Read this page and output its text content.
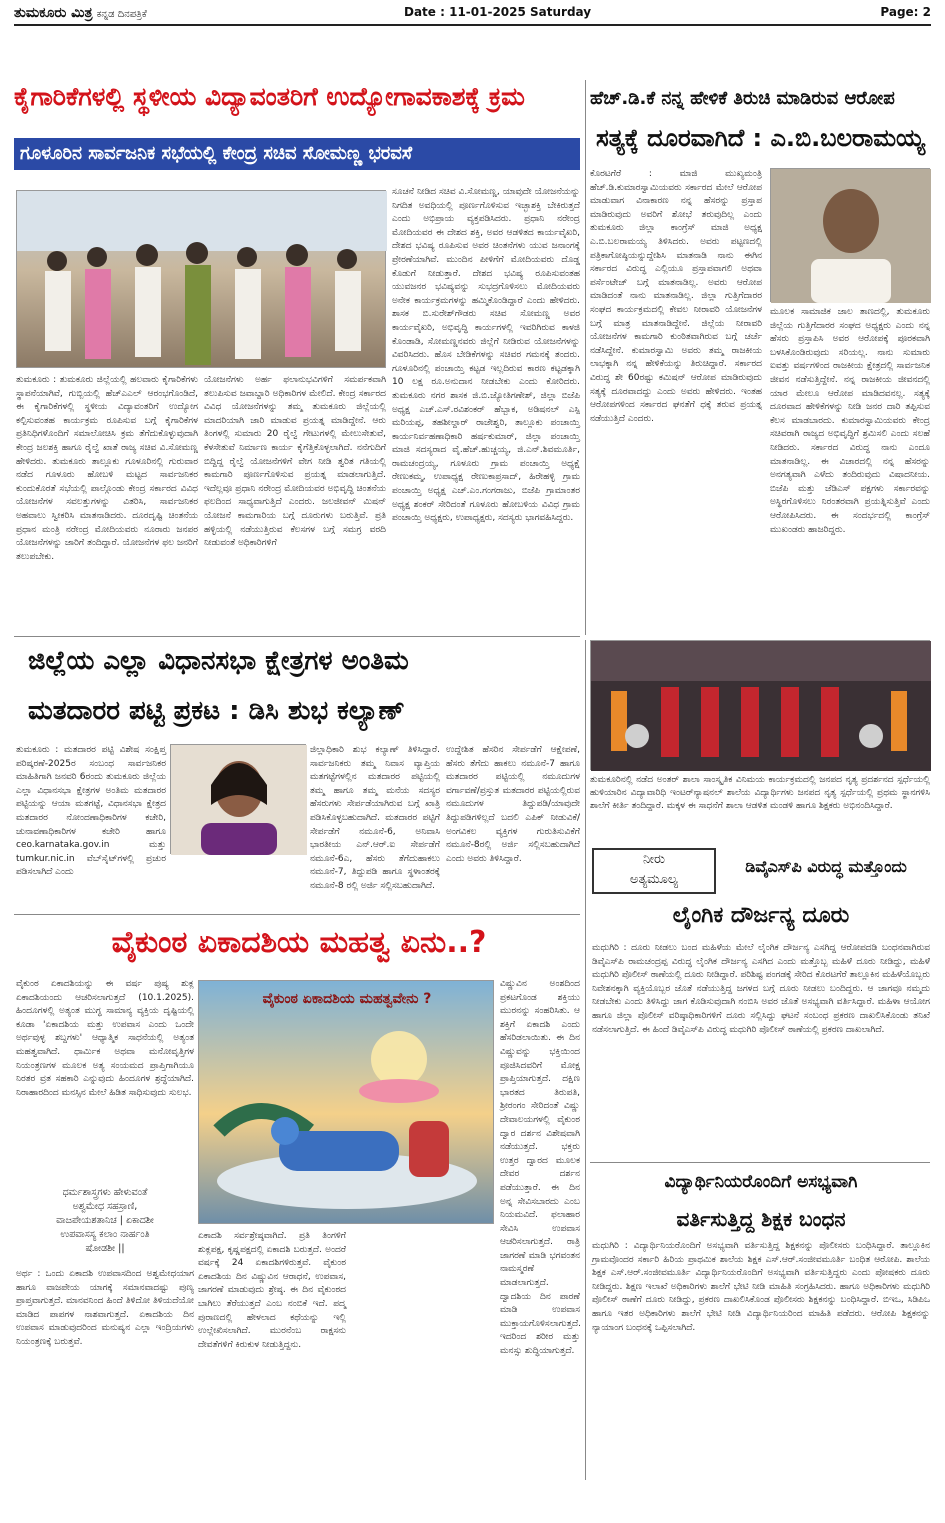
ತುಮಕೂರು ಮಿತ್ರ ಕನ್ನಡ ದಿನಪತ್ರಿಕೆ	Date : 11-01-2025 Saturday	Page: 2
ಕೈಗಾರಿಕೆಗಳಲ್ಲಿ ಸ್ಥಳೀಯ ವಿದ್ಯಾವಂತರಿಗೆ ಉದ್ಯೋಗಾವಕಾಶಕ್ಕೆ ಕ್ರಮ
ಗೂಳೂರಿನ ಸಾರ್ವಜನಿಕ ಸಭೆಯಲ್ಲಿ ಕೇಂದ್ರ ಸಚಿವ ಸೋಮಣ್ಣ ಭರವಸೆ
ಸೂಚನೆ ನೀಡಿದ ಸಚಿವ ವಿ.ಸೋಮಣ್ಣ, ಯಾವುದೇ ಯೋಜನೆಯನ್ನು ನಿಗದಿತ ಅವಧಿಯಲ್ಲಿ ಪೂರ್ಣಗೊಳಿಸುವ ಇಚ್ಛಾಶಕ್ತಿ ಬೇಕಿರುತ್ತದೆ ಎಂದು ಅಭಿಪ್ರಾಯ ವ್ಯಕ್ತಪಡಿಸಿದರು. ಪ್ರಧಾನಿ ನರೇಂದ್ರ ಮೋದಿಯವರ ಈ ದೇಶದ ಶಕ್ತಿ, ಅವರ ಆಡಳಿತದ ಕಾರ್ಯವೈಖರಿ, ದೇಶದ ಭವಿಷ್ಯ ರೂಪಿಸುವ ಅವರ ಚಿಂತನೆಗಳು ಯುವ ಜನಾಂಗಕ್ಕೆ ಪ್ರೇರಣೆಯಾಗಿವೆ. ಮುಂದಿನ ಪೀಳಿಗೆಗೆ ಮೋದಿಯವರು ದೊಡ್ಡ ಕೊಡುಗೆ ನೀಡುತ್ತಾರೆ. ದೇಶದ ಭವಿಷ್ಯ ರೂಪಿಸುವಂತಹ ಯುವಜನರ ಭವಿಷ್ಯವನ್ನು ಸುಭದ್ರಗೊಳಿಸಲು ಮೋದಿಯವರು ಅನೇಕ ಕಾರ್ಯಕ್ರಮಗಳನ್ನು ಹಮ್ಮಿಕೊಂಡಿದ್ದಾರೆ ಎಂದು ಹೇಳಿದರು. ಶಾಸಕ ಬಿ.ಸುರೇಶ್‌ಗೌಡರು ಸಚಿವ ಸೋಮಣ್ಣ ಅವರ ಕಾರ್ಯವೈಖರಿ, ಅಭಿವೃದ್ಧಿ ಕಾರ್ಯಗಳಲ್ಲಿ ಇವರಿಗಿರುವ ಕಾಳಜಿ ಕೊಂಡಾಡಿ, ಸೋಮಣ್ಣನವರು ಜಿಲ್ಲೆಗೆ ನೀಡಿರುವ ಯೋಜನೆಗಳನ್ನು ವಿವರಿಸಿದರು. ಹೊಸ ಬೇಡಿಕೆಗಳನ್ನು ಸಚಿವರ ಗಮನಕ್ಕೆ ತಂದರು. ಗೂಳೂರಿನಲ್ಲಿ ಪಂಚಾಯ್ತಿ ಕಟ್ಟಡ ಇಲ್ಲದಿರುವ ಕಾರಣ ಕಟ್ಟಡಕ್ಕಾಗಿ 10 ಲಕ್ಷ ರೂ.ಅನುದಾನ ನೀಡಬೇಕು ಎಂದು ಕೋರಿದರು. ತುಮಕೂರು ನಗರ ಶಾಸಕ ಜಿ.ಬಿ.ಜ್ಯೋತಿಗಣೇಶ್, ಜಿಲ್ಲಾ ಬಿಜೆಪಿ ಅಧ್ಯಕ್ಷ ಎಚ್.ಎಸ್.ರವಿಶಂಕರ್ ಹೆಬ್ಬಾಕ, ಅಡಿಷನಲ್ ಎಸ್ಪಿ ಮರಿಯಪ್ಪ, ತಹಶೀಲ್ದಾರ್ ರಾಜೇಶ್ವರಿ, ತಾಲ್ಲೂಕು ಪಂಚಾಯ್ತಿ ಕಾರ್ಯನಿರ್ವಹಣಾಧಿಕಾರಿ ಹರ್ಷಕುಮಾರ್, ಜಿಲ್ಲಾ ಪಂಚಾಯ್ತಿ ಮಾಜಿ ಸದಸ್ಯರಾದ ವೈ.ಹೆಚ್.ಹುಚ್ಚಯ್ಯ, ಜಿ.ಎನ್.ಶಿವಮೂರ್ತಿ, ರಾಮಚಂದ್ರಯ್ಯ, ಗೂಳೂರು ಗ್ರಾಮ ಪಂಚಾಯ್ತಿ ಅಧ್ಯಕ್ಷೆ ರೇಣುಕಮ್ಮ, ಉಪಾಧ್ಯಕ್ಷ ರೇಣುಕಾಪ್ರಸಾದ್, ಹಿರೇಹಳ್ಳಿ ಗ್ರಾಮ ಪಂಚಾಯ್ತಿ ಅಧ್ಯಕ್ಷ ಎಚ್.ಎಂ.ಗಂಗರಾಜು, ಬಿಜೆಪಿ ಗ್ರಾಮಾಂತರ ಅಧ್ಯಕ್ಷ ಶಂಕರ್ ಸೇರಿದಂತೆ ಗೂಳೂರು ಹೋಬಳಿಯ ವಿವಿಧ ಗ್ರಾಮ ಪಂಚಾಯ್ತಿ ಅಧ್ಯಕ್ಷರು, ಉಪಾಧ್ಯಕ್ಷರು, ಸದಸ್ಯರು ಭಾಗವಹಿಸಿದ್ದರು.
ತುಮಕೂರು : ತುಮಕೂರು ಜಿಲ್ಲೆಯಲ್ಲಿ ಹಲವಾರು ಕೈಗಾರಿಕೆಗಳು ಸ್ಥಾಪನೆಯಾಗಿವೆ, ಗುಬ್ಬಿಯಲ್ಲಿ ಹೆಚ್‌ಎಎಲ್ ಆರಂಭಗೊಂಡಿದೆ, ಈ ಕೈಗಾರಿಕೆಗಳಲ್ಲಿ ಸ್ಥಳೀಯ ವಿದ್ಯಾವಂತರಿಗೆ ಉದ್ಯೋಗ ಕಲ್ಪಿಸುವಂತಹ ಕಾರ್ಯಕ್ರಮ ರೂಪಿಸುವ ಬಗ್ಗೆ ಕೈಗಾರಿಕೆಗಳ ಪ್ರತಿನಿಧಿಗಳೊಂದಿಗೆ ಸಮಾಲೋಚಿಸಿ ಕ್ರಮ ತೆಗೆದುಕೊಳ್ಳುವುದಾಗಿ ಕೇಂದ್ರ ಜಲಶಕ್ತಿ ಹಾಗೂ ರೈಲ್ವೆ ಖಾತೆ ರಾಜ್ಯ ಸಚಿವ ವಿ.ಸೋಮಣ್ಣ ಹೇಳಿದರು. ತುಮಕೂರು ತಾಲ್ಲೂಕು ಗೂಳೂರಿನಲ್ಲಿ ಗುರುವಾರ ನಡೆದ ಗೂಳೂರು ಹೋಬಳಿ ಮಟ್ಟದ ಸಾರ್ವಜನಿಕರ ಕುಂದುಕೊರತೆ ಸಭೆಯಲ್ಲಿ ಪಾಲ್ಗೊಂಡು ಕೇಂದ್ರ ಸರ್ಕಾರದ ವಿವಿಧ ಯೋಜನೆಗಳ ಸವಲತ್ತುಗಳನ್ನು ವಿತರಿಸಿ, ಸಾರ್ವಜನಿಕರ ಅಹವಾಲು ಸ್ವೀಕರಿಸಿ ಮಾತನಾಡಿದರು. ದೂರದೃಷ್ಟಿ ಚಿಂತನೆಯ ಪ್ರಧಾನ ಮಂತ್ರಿ ನರೇಂದ್ರ ಮೋದಿಯವರು ನೂರಾರು ಜನಪರ ಯೋಜನೆಗಳನ್ನು ಜಾರಿಗೆ ತಂದಿದ್ದಾರೆ. ಯೋಜನೆಗಳ ಫಲ ಜನರಿಗೆ ತಲುಪಬೇಕು.
ಯೋಜನೆಗಳು ಅರ್ಹ ಫಲಾನುಭವಿಗಳಿಗೆ ಸಮರ್ಪಕವಾಗಿ ತಲುಪಿಸುವ ಜವಾಬ್ದಾರಿ ಅಧಿಕಾರಿಗಳ ಮೇಲಿದೆ. ಕೇಂದ್ರ ಸರ್ಕಾರದ ವಿವಿಧ ಯೋಜನೆಗಳನ್ನು ತಮ್ಮ ತುಮಕೂರು ಜಿಲ್ಲೆಯಲ್ಲಿ ಮಾದರಿಯಾಗಿ ಜಾರಿ ಮಾಡುವ ಪ್ರಯತ್ನ ಮಾಡಿದ್ದೇನೆ. ಆರು ತಿಂಗಳಲ್ಲಿ ಸುಮಾರು 20 ರೈಲ್ವೆ ಗೇಟುಗಳಲ್ಲಿ ಮೇಲುಸೇತುವೆ, ಕೆಳಸೇತುವೆ ನಿರ್ಮಾಣ ಕಾರ್ಯ ಕೈಗೆತ್ತಿಕೊಳ್ಳಲಾಗಿದೆ. ನನೆಗುದಿಗೆ ಬಿದ್ದಿದ್ದ ರೈಲ್ವೆ ಯೋಜನೆಗಳಿಗೆ ವೇಗ ನೀಡಿ ತ್ವರಿತ ಗತಿಯಲ್ಲಿ ಕಾಮಗಾರಿ ಪೂರ್ಣಗೊಳಿಸುವ ಪ್ರಯತ್ನ ಮಾಡಲಾಗುತ್ತಿದೆ. ಇದೆಲ್ಲವೂ ಪ್ರಧಾನಿ ನರೇಂದ್ರ ಮೋದಿಯವರ ಅಭಿವೃದ್ಧಿ ಚಿಂತನೆಯ ಫಲದಿಂದ ಸಾಧ್ಯವಾಗುತ್ತಿದೆ ಎಂದರು. ಜಲಜೀವನ್ ಮಿಷನ್ ಯೋಜನೆ ಕಾಮಗಾರಿಯ ಬಗ್ಗೆ ದೂರುಗಳು ಬರುತ್ತಿವೆ. ಪ್ರತಿ ಹಳ್ಳಿಯಲ್ಲಿ ನಡೆಯುತ್ತಿರುವ ಕೆಲಸಗಳ ಬಗ್ಗೆ ಸಮಗ್ರ ವರದಿ ನೀಡುವಂತೆ ಅಧಿಕಾರಿಗಳಿಗೆ
ಹೆಚ್.ಡಿ.ಕೆ ನನ್ನ ಹೇಳಿಕೆ ತಿರುಚಿ ಮಾಡಿರುವ ಆರೋಪ
ಸತ್ಯಕ್ಕೆ ದೂರವಾಗಿದೆ : ಎ.ಬಿ.ಬಲರಾಮಯ್ಯ
ಕೊರಟಗೆರೆ : ಮಾಜಿ ಮುಖ್ಯಮಂತ್ರಿ ಹೆಚ್.ಡಿ.ಕುಮಾರಸ್ವಾಮಿಯವರು ಸರ್ಕಾರದ ಮೇಲೆ ಆರೋಪ ಮಾಡುವಾಗ ವಿನಾಕಾರಣ ನನ್ನ ಹೆಸರನ್ನು ಪ್ರಸ್ತಾಪ ಮಾಡಿರುವುದು ಅವರಿಗೆ ಶೋಭೆ ತರುವುದಿಲ್ಲ ಎಂದು ತುಮಕೂರು ಜಿಲ್ಲಾ ಕಾಂಗ್ರೆಸ್ ಮಾಜಿ ಅಧ್ಯಕ್ಷ ಎ.ಬಿ.ಬಲರಾಮಯ್ಯ ತಿಳಿಸಿದರು. ಅವರು ಪಟ್ಟಣದಲ್ಲಿ ಪತ್ರಿಕಾಗೋಷ್ಠಿಯನ್ನುದ್ದೇಶಿಸಿ ಮಾತನಾಡಿ ನಾನು ಈಗಿನ ಸರ್ಕಾರದ ವಿರುದ್ಧ ಎಲ್ಲಿಯೂ ಪ್ರಸ್ತಾಪವಾಗಲಿ ಅಥವಾ ಪರ್ಸೆಂಟೇಜ್ ಬಗ್ಗೆ ಮಾತನಾಡಿಲ್ಲ. ಅವರು ಆರೋಪ ಮಾಡಿದಂತೆ ನಾನು ಮಾತನಾಡಿಲ್ಲ. ಜಿಲ್ಲಾ ಗುತ್ತಿಗೆದಾರರ ಸಂಘದ ಕಾರ್ಯಕ್ರಮದಲ್ಲಿ ಕೇವಲ ನೀರಾವರಿ ಯೋಜನೆಗಳ ಬಗ್ಗೆ ಮಾತ್ರ ಮಾತನಾಡಿದ್ದೇನೆ. ಜಿಲ್ಲೆಯ ನೀರಾವರಿ ಯೋಜನೆಗಳ ಕಾಮಗಾರಿ ಕುಂಠಿತವಾಗಿರುವ ಬಗ್ಗೆ ಚರ್ಚೆ ನಡೆಸಿದ್ದೇನೆ. ಕುಮಾರಸ್ವಾಮಿ ಅವರು ತಮ್ಮ ರಾಜಕೀಯ ಲಾಭಕ್ಕಾಗಿ ನನ್ನ ಹೇಳಿಕೆಯನ್ನು ತಿರುಚಿದ್ದಾರೆ. ಸರ್ಕಾರದ ವಿರುದ್ಧ ಶೇ 60ರಷ್ಟು ಕಮಿಷನ್ ಆರೋಪ ಮಾಡಿರುವುದು ಸತ್ಯಕ್ಕೆ ದೂರವಾದದ್ದು ಎಂದು ಅವರು ಹೇಳಿದರು. ಇಂತಹ ಆರೋಪಗಳಿಂದ ಸರ್ಕಾರದ ಘನತೆಗೆ ಧಕ್ಕೆ ತರುವ ಪ್ರಯತ್ನ ನಡೆಯುತ್ತಿದೆ ಎಂದರು.
ಮೂಲಕ ಸಾಮಾಜಿಕ ಜಾಲ ತಾಣದಲ್ಲಿ, ತುಮಕೂರು ಜಿಲ್ಲೆಯ ಗುತ್ತಿಗೆದಾರರ ಸಂಘದ ಅಧ್ಯಕ್ಷರು ಎಂದು ನನ್ನ ಹೆಸರು ಪ್ರಸ್ತಾಪಿಸಿ ಅವರ ಆರೋಪಕ್ಕೆ ಪೂರಕವಾಗಿ ಬಳಸಿಕೊಂಡಿರುವುದು ಸರಿಯಲ್ಲ. ನಾನು ಸುಮಾರು ಐವತ್ತು ವರ್ಷಗಳಿಂದ ರಾಜಕೀಯ ಕ್ಷೇತ್ರದಲ್ಲಿ ಸಾರ್ವಜನಿಕ ಜೀವನ ನಡೆಸುತ್ತಿದ್ದೇನೆ. ನನ್ನ ರಾಜಕೀಯ ಜೀವನದಲ್ಲಿ ಯಾರ ಮೇಲೂ ಆರೋಪ ಮಾಡಿದವನಲ್ಲ. ಸತ್ಯಕ್ಕೆ ದೂರವಾದ ಹೇಳಿಕೆಗಳನ್ನು ನೀಡಿ ಜನರ ದಾರಿ ತಪ್ಪಿಸುವ ಕೆಲಸ ಮಾಡಬಾರದು. ಕುಮಾರಸ್ವಾಮಿಯವರು ಕೇಂದ್ರ ಸಚಿವರಾಗಿ ರಾಜ್ಯದ ಅಭಿವೃದ್ಧಿಗೆ ಶ್ರಮಿಸಲಿ ಎಂದು ಸಲಹೆ ನೀಡಿದರು. ಸರ್ಕಾರದ ವಿರುದ್ಧ ನಾನು ಎಂದೂ ಮಾತನಾಡಿಲ್ಲ. ಈ ವಿಚಾರದಲ್ಲಿ ನನ್ನ ಹೆಸರನ್ನು ಅನಗತ್ಯವಾಗಿ ಎಳೆದು ತಂದಿರುವುದು ವಿಷಾದನೀಯ. ಬಿಜೆಪಿ ಮತ್ತು ಜೆಡಿಎಸ್ ಪಕ್ಷಗಳು ಸರ್ಕಾರವನ್ನು ಅಸ್ಥಿರಗೊಳಿಸಲು ನಿರಂತರವಾಗಿ ಪ್ರಯತ್ನಿಸುತ್ತಿವೆ ಎಂದು ಆರೋಪಿಸಿದರು. ಈ ಸಂದರ್ಭದಲ್ಲಿ ಕಾಂಗ್ರೆಸ್ ಮುಖಂಡರು ಹಾಜರಿದ್ದರು.
ಜಿಲ್ಲೆಯ ಎಲ್ಲಾ ವಿಧಾನಸಭಾ ಕ್ಷೇತ್ರಗಳ ಅಂತಿಮ
ಮತದಾರರ ಪಟ್ಟಿ ಪ್ರಕಟ : ಡಿಸಿ ಶುಭ ಕಲ್ಯಾಣ್
ತುಮಕೂರು : ಮತದಾರರ ಪಟ್ಟಿ ವಿಶೇಷ ಸಂಕ್ಷಿಪ್ತ ಪರಿಷ್ಕರಣೆ-2025ರ ಸಂಬಂಧ ಸಾರ್ವಜನಿಕರ ಮಾಹಿತಿಗಾಗಿ ಜನವರಿ 6ರಂದು ತುಮಕೂರು ಜಿಲ್ಲೆಯ ಎಲ್ಲಾ ವಿಧಾನಸಭಾ ಕ್ಷೇತ್ರಗಳ ಅಂತಿಮ ಮತದಾರರ ಪಟ್ಟಿಯನ್ನು ಆಯಾ ಮತಗಟ್ಟೆ, ವಿಧಾನಸಭಾ ಕ್ಷೇತ್ರದ ಮತದಾರರ ನೋಂದಣಾಧಿಕಾರಿಗಳ ಕಚೇರಿ, ಚುನಾವಣಾಧಿಕಾರಿಗಳ ಕಚೇರಿ ಹಾಗೂ ceo.karnataka.gov.in ಮತ್ತು tumkur.nic.in ವೆಬ್‌ಸೈಟ್‌ಗಳಲ್ಲಿ ಪ್ರಚುರ ಪಡಿಸಲಾಗಿದೆ ಎಂದು
ಜಿಲ್ಲಾಧಿಕಾರಿ ಶುಭ ಕಲ್ಯಾಣ್ ತಿಳಿಸಿದ್ದಾರೆ. ಸಾರ್ವಜನಿಕರು ತಮ್ಮ ನಿವಾಸ ವ್ಯಾಪ್ತಿಯ ಮತಗಟ್ಟೆಗಳಲ್ಲಿನ ಮತದಾರರ ಪಟ್ಟಿಯಲ್ಲಿ ತಮ್ಮ ಹಾಗೂ ತಮ್ಮ ಮನೆಯ ಸದಸ್ಯರ ಹೆಸರುಗಳು ಸೇರ್ಪಡೆಯಾಗಿರುವ ಬಗ್ಗೆ ಖಾತ್ರಿ ಪಡಿಸಿಕೊಳ್ಳಬಹುದಾಗಿದೆ. ಮತದಾರರ ಪಟ್ಟಿಗೆ ಸೇರ್ಪಡೆಗೆ ನಮೂನೆ-6, ಅನಿವಾಸಿ ಭಾರತೀಯ ಎನ್.ಆರ್.ಐ ಸೇರ್ಪಡೆಗೆ ನಮೂನೆ-6ಎ, ಹೆಸರು ತೆಗೆದುಹಾಕಲು ನಮೂನೆ-7, ತಿದ್ದುಪಡಿ ಹಾಗೂ ಸ್ಥಳಾಂತರಕ್ಕೆ ನಮೂನೆ-8 ರಲ್ಲಿ ಅರ್ಜಿ ಸಲ್ಲಿಸಬಹುದಾಗಿದೆ.
ಉದ್ದೇಶಿತ ಹೆಸರಿನ ಸೇರ್ಪಡೆಗೆ ಆಕ್ಷೇಪಣೆ, ಹೆಸರು ತೆಗೆದು ಹಾಕಲು ನಮೂನೆ-7 ಹಾಗೂ ಮತದಾರರ ಪಟ್ಟಿಯಲ್ಲಿ ನಮೂದುಗಳ ವರ್ಗಾವಣೆ/ಪ್ರಸ್ತುತ ಮತದಾರರ ಪಟ್ಟಿಯಲ್ಲಿರುವ ನಮೂದುಗಳ ತಿದ್ದುಪಡಿ/ಯಾವುದೇ ತಿದ್ದುಪಡಿಗಳಿಲ್ಲದೆ ಬದಲಿ ಎಪಿಕ್ ನೀಡುವಿಕೆ/ಅಂಗವಿಕಲ ವ್ಯಕ್ತಿಗಳ ಗುರುತಿಸುವಿಕೆಗೆ ನಮೂನೆ-8ರಲ್ಲಿ ಅರ್ಜಿ ಸಲ್ಲಿಸಬಹುದಾಗಿದೆ ಎಂದು ಅವರು ತಿಳಿಸಿದ್ದಾರೆ.
ತುಮಕೂರಿನಲ್ಲಿ ನಡೆದ ಅಂತರ್ ಶಾಲಾ ಸಾಂಸ್ಕೃತಿಕ ವಿನಿಮಯ ಕಾರ್ಯಕ್ರಮದಲ್ಲಿ ಜನಪದ ನೃತ್ಯ ಪ್ರದರ್ಶನದ ಸ್ಪರ್ಧೆಯಲ್ಲಿ ಹುಳಿಯಾರಿನ ವಿದ್ಯಾವಾರಿಧಿ ಇಂಟರ್‌ನ್ಯಾಷನಲ್ ಶಾಲೆಯ ವಿದ್ಯಾರ್ಥಿಗಳು ಜನಪದ ನೃತ್ಯ ಸ್ಪರ್ಧೆಯಲ್ಲಿ ಪ್ರಥಮ ಸ್ಥಾನಗಳಿಸಿ ಶಾಲೆಗೆ ಕೀರ್ತಿ ತಂದಿದ್ದಾರೆ. ಮಕ್ಕಳ ಈ ಸಾಧನೆಗೆ ಶಾಲಾ ಆಡಳಿತ ಮಂಡಳಿ ಹಾಗೂ ಶಿಕ್ಷಕರು ಅಭಿನಂದಿಸಿದ್ದಾರೆ.
ನೀರು
ಅತ್ಯಮೂಲ್ಯ
ಡಿವೈಎಸ್‌ಪಿ ವಿರುದ್ಧ ಮತ್ತೊಂದು
ಲೈಂಗಿಕ ದೌರ್ಜನ್ಯ ದೂರು
ಮಧುಗಿರಿ : ದೂರು ನೀಡಲು ಬಂದ ಮಹಿಳೆಯ ಮೇಲೆ ಲೈಂಗಿಕ ದೌರ್ಜನ್ಯ ಎಸಗಿದ್ದ ಆರೋಪದಡಿ ಬಂಧನವಾಗಿರುವ ಡಿವೈಎಸ್‌ಪಿ ರಾಮಚಂದ್ರಪ್ಪ ವಿರುದ್ಧ ಲೈಂಗಿಕ ದೌರ್ಜನ್ಯ ಎಸಗಿದ ಎಂದು ಮತ್ತೊಬ್ಬ ಮಹಿಳೆ ದೂರು ನೀಡಿದ್ದು, ಮಹಿಳೆ ಮಧುಗಿರಿ ಪೊಲೀಸ್ ಠಾಣೆಯಲ್ಲಿ ದೂರು ನೀಡಿದ್ದಾರೆ. ಪರಿಶಿಷ್ಟ ಪಂಗಡಕ್ಕೆ ಸೇರಿದ ಕೊರಟಗೆರೆ ತಾಲ್ಲೂಕಿನ ಮಹಿಳೆಯೊಬ್ಬರು ನಿವೇಶನಕ್ಕಾಗಿ ವ್ಯಕ್ತಿಯೊಬ್ಬರ ಜೊತೆ ನಡೆಯುತ್ತಿದ್ದ ಜಗಳದ ಬಗ್ಗೆ ದೂರು ನೀಡಲು ಬಂದಿದ್ದರು. ಆ ಜಾಗವೂ ನಮ್ಮದು ನೀಡಬೇಕು ಎಂದು ತಿಳಿಸಿದ್ದು ಜಾಗ ಕೊಡಿಸುವುದಾಗಿ ನಂಬಿಸಿ ಅವರ ಜೊತೆ ಅಸಭ್ಯವಾಗಿ ವರ್ತಿಸಿದ್ದಾರೆ. ಮಹಿಳಾ ಆಯೋಗ ಹಾಗೂ ಜಿಲ್ಲಾ ಪೊಲೀಸ್ ವರಿಷ್ಠಾಧಿಕಾರಿಗಳಿಗೆ ದೂರು ಸಲ್ಲಿಸಿದ್ದು ಘಟನೆ ಸಂಬಂಧ ಪ್ರಕರಣ ದಾಖಲಿಸಿಕೊಂಡು ತನಿಖೆ ನಡೆಸಲಾಗುತ್ತಿದೆ. ಈ ಹಿಂದೆ ಡಿವೈಎಸ್‌ಪಿ ವಿರುದ್ಧ ಮಧುಗಿರಿ ಪೊಲೀಸ್ ಠಾಣೆಯಲ್ಲಿ ಪ್ರಕರಣ ದಾಖಲಾಗಿದೆ.
ವಿದ್ಯಾರ್ಥಿನಿಯರೊಂದಿಗೆ ಅಸಭ್ಯವಾಗಿ
ವರ್ತಿಸುತ್ತಿದ್ದ ಶಿಕ್ಷಕ ಬಂಧನ
ಮಧುಗಿರಿ : ವಿದ್ಯಾರ್ಥಿನಿಯರೊಂದಿಗೆ ಅಸಭ್ಯವಾಗಿ ವರ್ತಿಸುತ್ತಿದ್ದ ಶಿಕ್ಷಕನನ್ನು ಪೊಲೀಸರು ಬಂಧಿಸಿದ್ದಾರೆ. ತಾಲ್ಲೂಕಿನ ಗ್ರಾಮವೊಂದರ ಸರ್ಕಾರಿ ಹಿರಿಯ ಪ್ರಾಥಮಿಕ ಶಾಲೆಯ ಶಿಕ್ಷಕ ಎಸ್.ಆರ್.ಸಂಜೀವಮೂರ್ತಿ ಬಂಧಿತ ಆರೋಪಿ. ಶಾಲೆಯ ಶಿಕ್ಷಕ ಎಸ್.ಆರ್.ಸಂಜೀವಮೂರ್ತಿ ವಿದ್ಯಾರ್ಥಿನಿಯರೊಂದಿಗೆ ಅಸಭ್ಯವಾಗಿ ವರ್ತಿಸುತ್ತಿದ್ದರು ಎಂದು ಪೋಷಕರು ದೂರು ನೀಡಿದ್ದರು. ಶಿಕ್ಷಣ ಇಲಾಖೆ ಅಧಿಕಾರಿಗಳು ಶಾಲೆಗೆ ಭೇಟಿ ನೀಡಿ ಮಾಹಿತಿ ಸಂಗ್ರಹಿಸಿದರು. ಹಾಗೂ ಅಧಿಕಾರಿಗಳು ಮಧುಗಿರಿ ಪೊಲೀಸ್ ಠಾಣೆಗೆ ದೂರು ನೀಡಿದ್ದು, ಪ್ರಕರಣ ದಾಖಲಿಸಿಕೊಂಡ ಪೊಲೀಸರು ಶಿಕ್ಷಕನನ್ನು ಬಂಧಿಸಿದ್ದಾರೆ. ಬಿಇಒ, ಸಿಡಿಪಿಒ ಹಾಗೂ ಇತರ ಅಧಿಕಾರಿಗಳು ಶಾಲೆಗೆ ಭೇಟಿ ನೀಡಿ ವಿದ್ಯಾರ್ಥಿನಿಯರಿಂದ ಮಾಹಿತಿ ಪಡೆದರು. ಆರೋಪಿ ಶಿಕ್ಷಕನನ್ನು ನ್ಯಾಯಾಂಗ ಬಂಧನಕ್ಕೆ ಒಪ್ಪಿಸಲಾಗಿದೆ.
ವೈಕುಂಠ ಏಕಾದಶಿಯ ಮಹತ್ವ ಏನು..?
ವೈಕುಂಠ ಏಕಾದಶಿಯನ್ನು ಈ ವರ್ಷ ಪುಷ್ಯ ಶುಕ್ಲ ಏಕಾದಶಿಯಂದು ಆಚರಿಸಲಾಗುತ್ತದೆ (10.1.2025). ಹಿಂದೂಗಳಲ್ಲಿ ಅತ್ಯಂತ ಮುಗ್ಧ ಸಾಮಾನ್ಯ ವ್ಯಕ್ತಿಯ ದೃಷ್ಟಿಯಲ್ಲಿ ಕೂಡಾ 'ಏಕಾದಶಿಯ ಮತ್ತು ಉಪವಾಸ ಎಂದು ಒಂದೇ ಅರ್ಥವುಳ್ಳ ಶಬ್ದಗಳು' ಆಧ್ಯಾತ್ಮಿಕ ಸಾಧನೆಯಲ್ಲಿ ಅತ್ಯಂತ ಮಹತ್ವವಾಗಿದೆ. ಧಾರ್ಮಿಕ ಅಥವಾ ಮನೋವೃತ್ತಿಗಳ ನಿಯಂತ್ರಣಗಳ ಮೂಲಕ ಅತ್ಯ ಸಂಯಮದ ಪ್ರಾಪ್ತಿಗಾಗಿಯೂ ನಿರತರ ವ್ರತ ಸಹಕಾರಿ ಎನ್ನುವುದು ಹಿಂದೂಗಳ ಶ್ರದ್ಧೆಯಾಗಿದೆ. ನಿರಾಹಾರದಿಂದ ಮನಸ್ಸಿನ ಮೇಲೆ ಹಿಡಿತ ಸಾಧಿಸುವುದು ಸುಲಭ.
ಧರ್ಮಶಾಸ್ತ್ರಗಳು ಹೇಳುವಂತೆ
ಅಶ್ವಮೇಧ ಸಹಸ್ರಾಣಿ,
ವಾಜಪೇಯಶತಾನಿಚ | ಏಕಾದಶೀ
ಉಪವಾಸಸ್ಯ ಕಲಾಂ ನಾರ್ಹಂತಿ
ಷೋಡಶೀ ||
ಅರ್ಥ : ಒಂದು ಏಕಾದಶಿ ಉಪವಾಸದಿಂದ ಅಶ್ವಮೇಧಯಾಗ ಹಾಗೂ ವಾಜಪೇಯ ಯಾಗಕ್ಕೆ ಸಮಾನವಾದಷ್ಟು ಪುಣ್ಯ ಪ್ರಾಪ್ತವಾಗುತ್ತದೆ. ಮಾನವನಿಂದ ಹಿಂದೆ ತಿಳಿದೋ ತಿಳಿಯದೆಯೋ ಮಾಡಿದ ಪಾಪಗಳ ನಾಶವಾಗುತ್ತದೆ. ಏಕಾದಶಿಯ ದಿನ ಉಪವಾಸ ಮಾಡುವುದರಿಂದ ಮನುಷ್ಯನ ಎಲ್ಲಾ ಇಂದ್ರಿಯಗಳು ನಿಯಂತ್ರಣಕ್ಕೆ ಬರುತ್ತವೆ.
ವೈಕುಂಠ ಏಕಾದಶಿಯ ಮಹತ್ವವೇನು ?
ಏಕಾದಶಿ ಸರ್ವಶ್ರೇಷ್ಠವಾಗಿದೆ. ಪ್ರತಿ ತಿಂಗಳಿಗೆ ಶುಕ್ಲಪಕ್ಷ, ಕೃಷ್ಣಪಕ್ಷದಲ್ಲಿ ಏಕಾದಶಿ ಬರುತ್ತದೆ. ಅಂದರೆ ವರ್ಷಕ್ಕೆ 24 ಏಕಾದಶಿಗಳಿರುತ್ತವೆ. ವೈಕುಂಠ ಏಕಾದಶಿಯ ದಿನ ವಿಷ್ಣುವಿನ ಆರಾಧನೆ, ಉಪವಾಸ, ಜಾಗರಣೆ ಮಾಡುವುದು ಶ್ರೇಷ್ಠ. ಈ ದಿನ ವೈಕುಂಠದ ಬಾಗಿಲು ತೆರೆಯುತ್ತದೆ ಎಂಬ ನಂಬಿಕೆ ಇದೆ. ಪದ್ಮ ಪುರಾಣದಲ್ಲಿ ಹೇಳಲಾದ ಕಥೆಯನ್ನು ಇಲ್ಲಿ ಉಲ್ಲೇಖಿಸಲಾಗಿದೆ. ಮುರನೆಂಬ ರಾಕ್ಷಸನು ದೇವತೆಗಳಿಗೆ ಕಿರುಕುಳ ನೀಡುತ್ತಿದ್ದನು.
ವಿಷ್ಣುವಿನ ಅಂಶದಿಂದ ಪ್ರಕಟಗೊಂಡ ಶಕ್ತಿಯು ಮುರನನ್ನು ಸಂಹರಿಸಿತು. ಆ ಶಕ್ತಿಗೆ ಏಕಾದಶಿ ಎಂದು ಹೆಸರಿಡಲಾಯಿತು. ಈ ದಿನ ವಿಷ್ಣುವನ್ನು ಭಕ್ತಿಯಿಂದ ಪೂಜಿಸಿದವರಿಗೆ ಮೋಕ್ಷ ಪ್ರಾಪ್ತಿಯಾಗುತ್ತದೆ. ದಕ್ಷಿಣ ಭಾರತದ ತಿರುಪತಿ, ಶ್ರೀರಂಗಂ ಸೇರಿದಂತೆ ವಿಷ್ಣು ದೇವಾಲಯಗಳಲ್ಲಿ ವೈಕುಂಠ ದ್ವಾರ ದರ್ಶನ ವಿಶೇಷವಾಗಿ ನಡೆಯುತ್ತದೆ. ಭಕ್ತರು ಉತ್ತರ ದ್ವಾರದ ಮೂಲಕ ದೇವರ ದರ್ಶನ ಪಡೆಯುತ್ತಾರೆ. ಈ ದಿನ ಅನ್ನ ಸೇವಿಸಬಾರದು ಎಂಬ ನಿಯಮವಿದೆ. ಫಲಾಹಾರ ಸೇವಿಸಿ ಉಪವಾಸ ಆಚರಿಸಲಾಗುತ್ತದೆ. ರಾತ್ರಿ ಜಾಗರಣೆ ಮಾಡಿ ಭಗವಂತನ ನಾಮಸ್ಮರಣೆ ಮಾಡಲಾಗುತ್ತದೆ. ದ್ವಾದಶಿಯ ದಿನ ಪಾರಣೆ ಮಾಡಿ ಉಪವಾಸ ಮುಕ್ತಾಯಗೊಳಿಸಲಾಗುತ್ತದೆ. ಇದರಿಂದ ಶರೀರ ಮತ್ತು ಮನಸ್ಸು ಶುದ್ಧಿಯಾಗುತ್ತದೆ.
